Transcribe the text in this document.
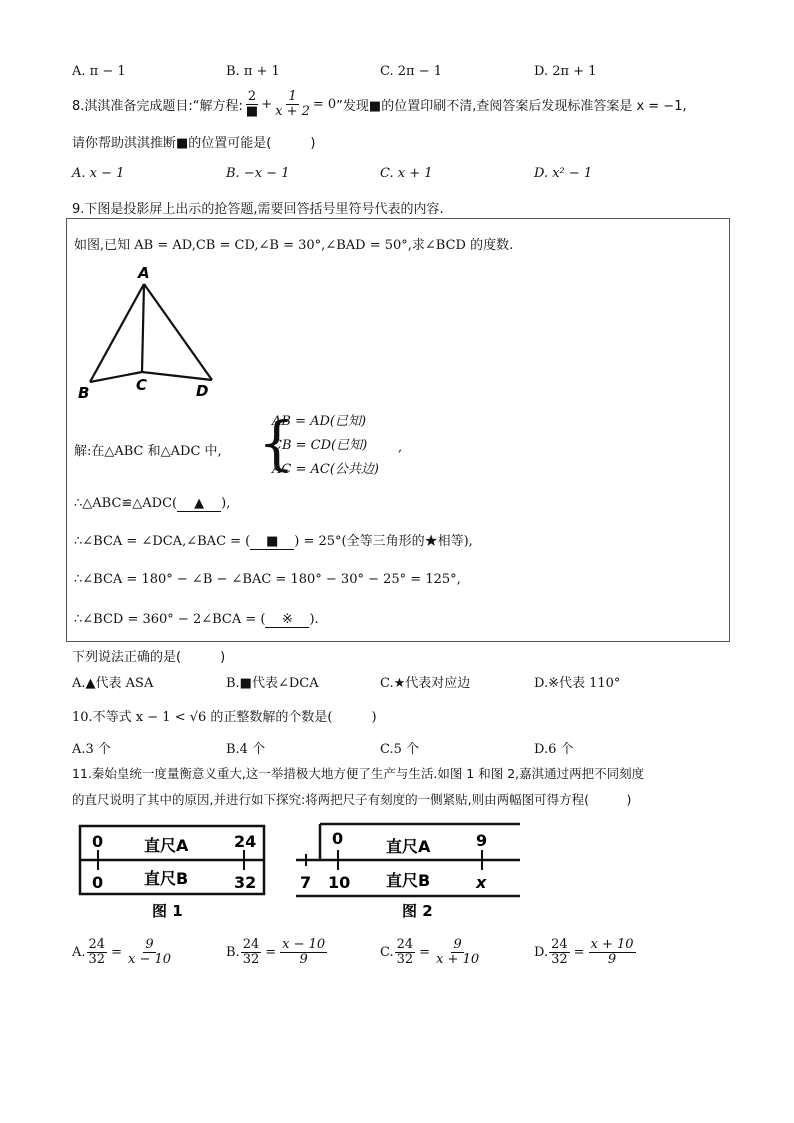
A. π − 1	B. π + 1	C. 2π − 1	D. 2π + 1
8.淇淇准备完成题目:“解方程: $\frac{2}{■} + \frac{1}{x + 2} = 0$ ”发现■的位置印刷不清,查阅答案后发现标准答案是 x = −1,
请你帮助淇淇推断■的位置可能是(　　　)
A. x − 1	B. −x − 1	C. x + 1	D. x² − 1
9.下图是投影屏上出示的抢答题,需要回答括号里符号代表的内容.
如图,已知 AB = AD,CB = CD,∠B = 30°,∠BAD = 50°,求∠BCD 的度数.
A
B	C	D
解:在△ABC 和△ADC 中, {
AB = AD(已知)
CB = CD(已知)
AC = AC(公共边)
,
∴△ABC≌△ADC( ▲ ),
∴∠BCA = ∠DCA,∠BAC = ( ■ ) = 25°(全等三角形的★相等),
∴∠BCA = 180° − ∠B − ∠BAC = 180° − 30° − 25° = 125°,
∴∠BCD = 360° − 2∠BCA = ( ※ ).
下列说法正确的是(　　　)
A.▲代表 ASA	B.■代表∠DCA	C.★代表对应边	D.※代表 110°
10.不等式 x − 1 < √6 的正整数解的个数是(　　　)
A.3 个	B.4 个	C.5 个	D.6 个
11.秦始皇统一度量衡意义重大,这一举措极大地方便了生产与生活.如图 1 和图 2,嘉淇通过两把不同刻度
的直尺说明了其中的原因,并进行如下探究:将两把尺子有刻度的一侧紧贴,则由两幅图可得方程(　　　)
0	直尺A	24
0	直尺B	32
图 1
0	直尺A	9
7 10 直尺B	x
图 2
A. $\frac{24}{32} = \frac{9}{x - 10}$	B. $\frac{24}{32} = \frac{x - 10}{9}$	C. $\frac{24}{32} = \frac{9}{x + 10}$	D. $\frac{24}{32} = \frac{x + 10}{9}$
